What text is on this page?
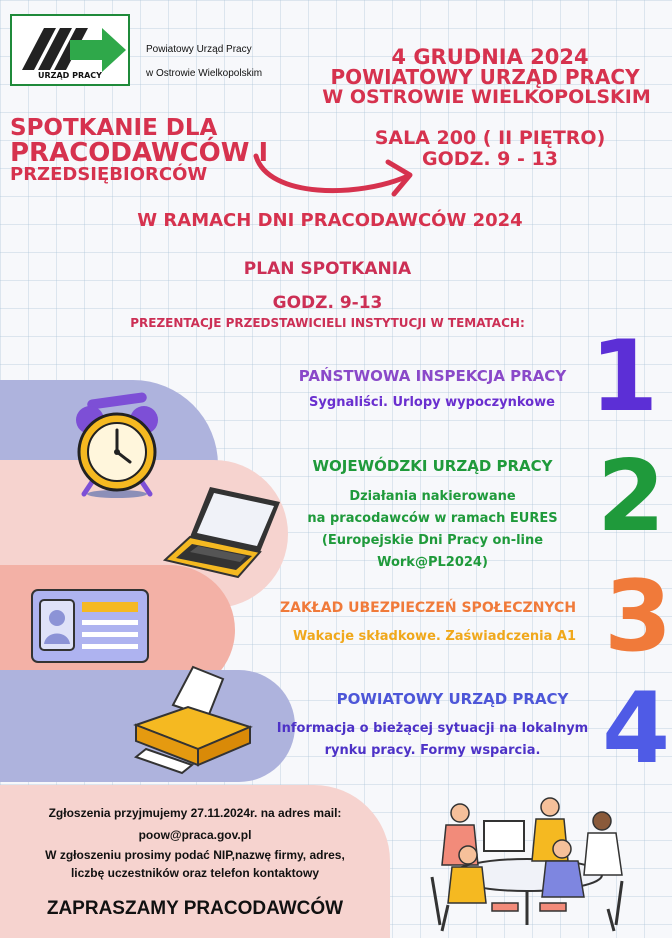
URZĄD PRACY
Powiatowy Urząd Pracy
w Ostrowie Wielkopolskim
4 GRUDNIA 2024
POWIATOWY URZĄD PRACY
W OSTROWIE WIELKOPOLSKIM
SPOTKANIE DLA
PRACODAWCÓW I
PRZEDSIĘBIORCÓW
SALA 200 ( II PIĘTRO)
GODZ. 9 - 13
W RAMACH DNI PRACODAWCÓW 2024
PLAN SPOTKANIA
GODZ. 9-13
PREZENTACJE PRZEDSTAWICIELI INSTYTUCJI W TEMATACH:
PAŃSTWOWA INSPEKCJA PRACY
Sygnaliści. Urlopy wypoczynkowe 1
WOJEWÓDZKI URZĄD PRACY
Działania nakierowane
na pracodawców w ramach EURES
(Europejskie Dni Pracy on-line
Work@PL2024)
2
ZAKŁAD UBEZPIECZEŃ SPOŁECZNYCH
Wakacje składkowe. Zaświadczenia A1 3
POWIATOWY URZĄD PRACY
Informacja o bieżącej sytuacji na lokalnym
rynku pracy. Formy wsparcia. 4
Zgłoszenia przyjmujemy 27.11.2024r. na adres mail:
poow@praca.gov.pl
W zgłoszeniu prosimy podać NIP,nazwę firmy, adres,
liczbę uczestników oraz telefon kontaktowy
ZAPRASZAMY PRACODAWCÓW
